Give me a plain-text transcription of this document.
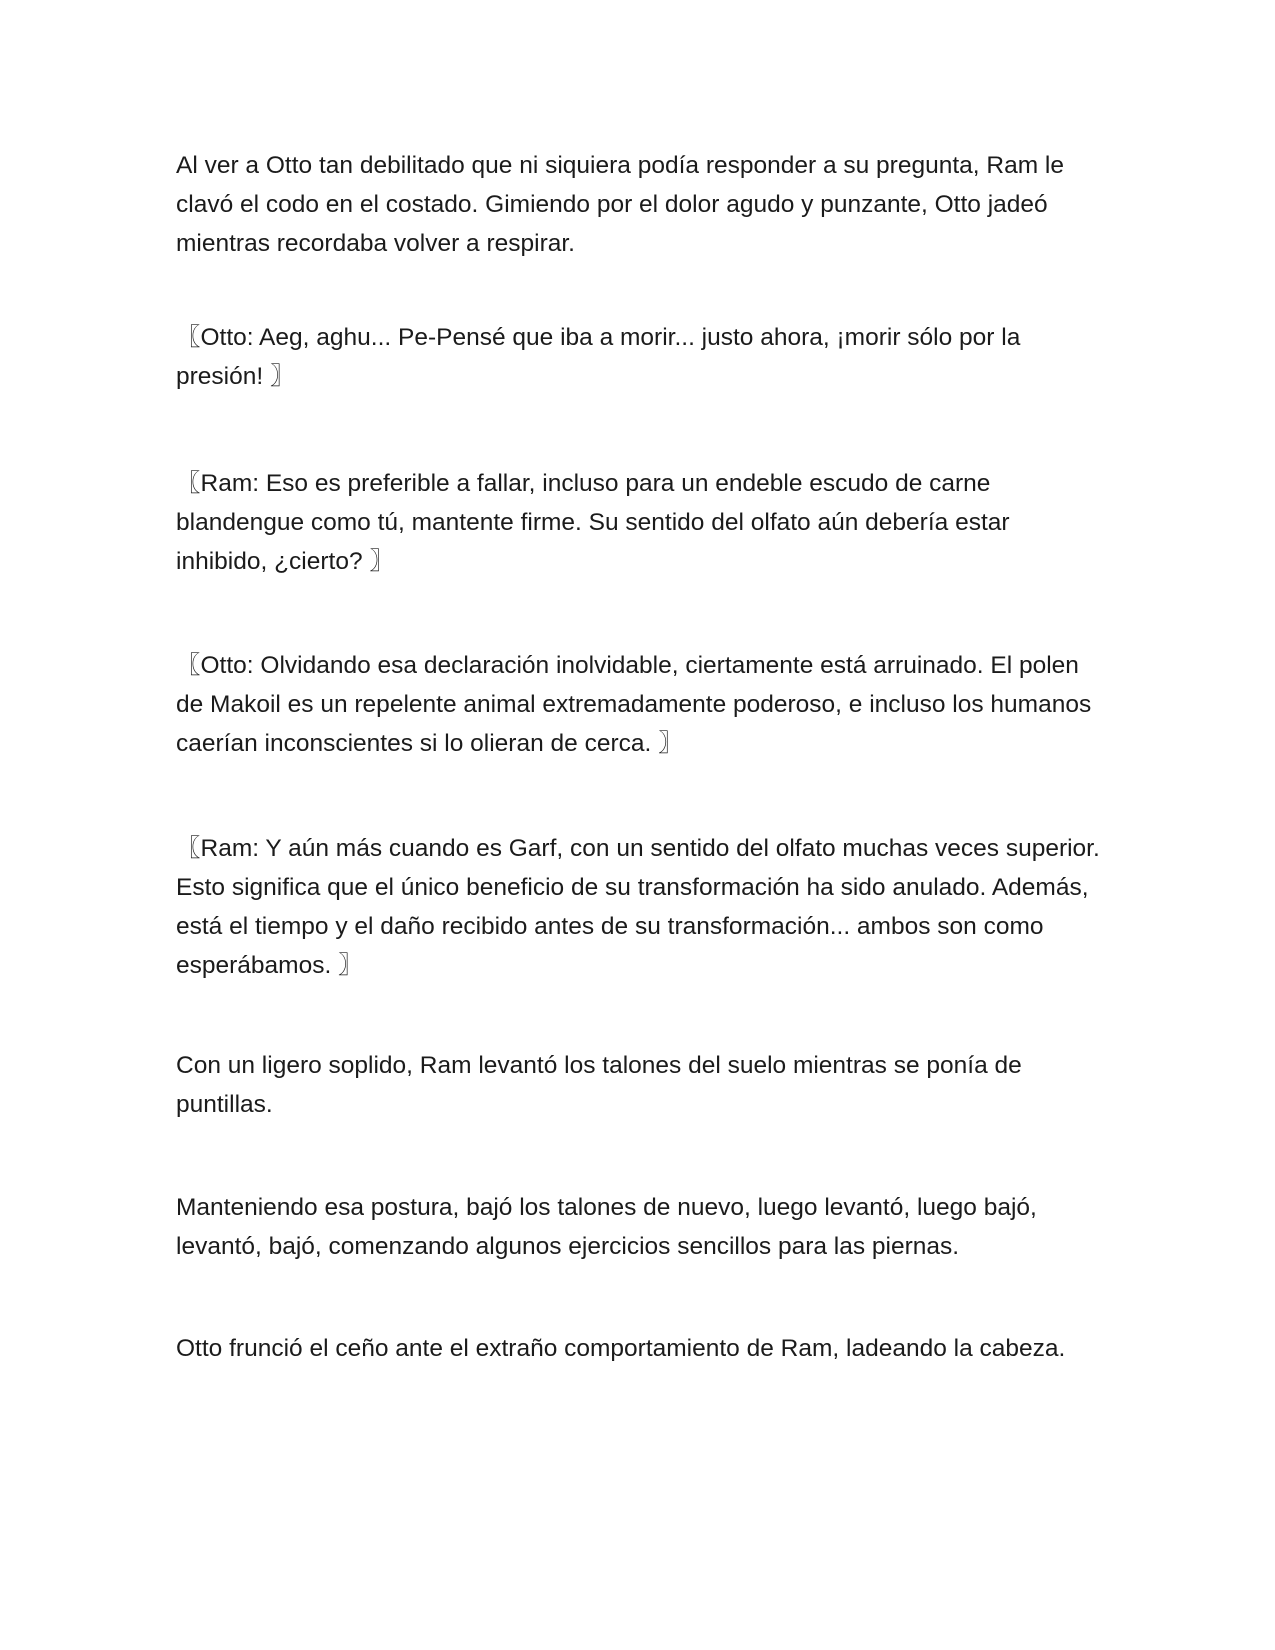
Al ver a Otto tan debilitado que ni siquiera podía responder a su pregunta, Ram le clavó el codo en el costado. Gimiendo por el dolor agudo y punzante, Otto jadeó mientras recordaba volver a respirar.

〖Otto: Aeg, aghu... Pe-Pensé que iba a morir... justo ahora, ¡morir sólo por la presión! 〗

〖Ram: Eso es preferible a fallar, incluso para un endeble escudo de carne blandengue como tú, mantente firme. Su sentido del olfato aún debería estar inhibido, ¿cierto? 〗

〖Otto: Olvidando esa declaración inolvidable, ciertamente está arruinado. El polen de Makoil es un repelente animal extremadamente poderoso, e incluso los humanos caerían inconscientes si lo olieran de cerca. 〗

〖Ram: Y aún más cuando es Garf, con un sentido del olfato muchas veces superior. Esto significa que el único beneficio de su transformación ha sido anulado. Además, está el tiempo y el daño recibido antes de su transformación... ambos son como esperábamos. 〗

Con un ligero soplido, Ram levantó los talones del suelo mientras se ponía de puntillas.

Manteniendo esa postura, bajó los talones de nuevo, luego levantó, luego bajó, levantó, bajó, comenzando algunos ejercicios sencillos para las piernas.

Otto frunció el ceño ante el extraño comportamiento de Ram, ladeando la cabeza.
